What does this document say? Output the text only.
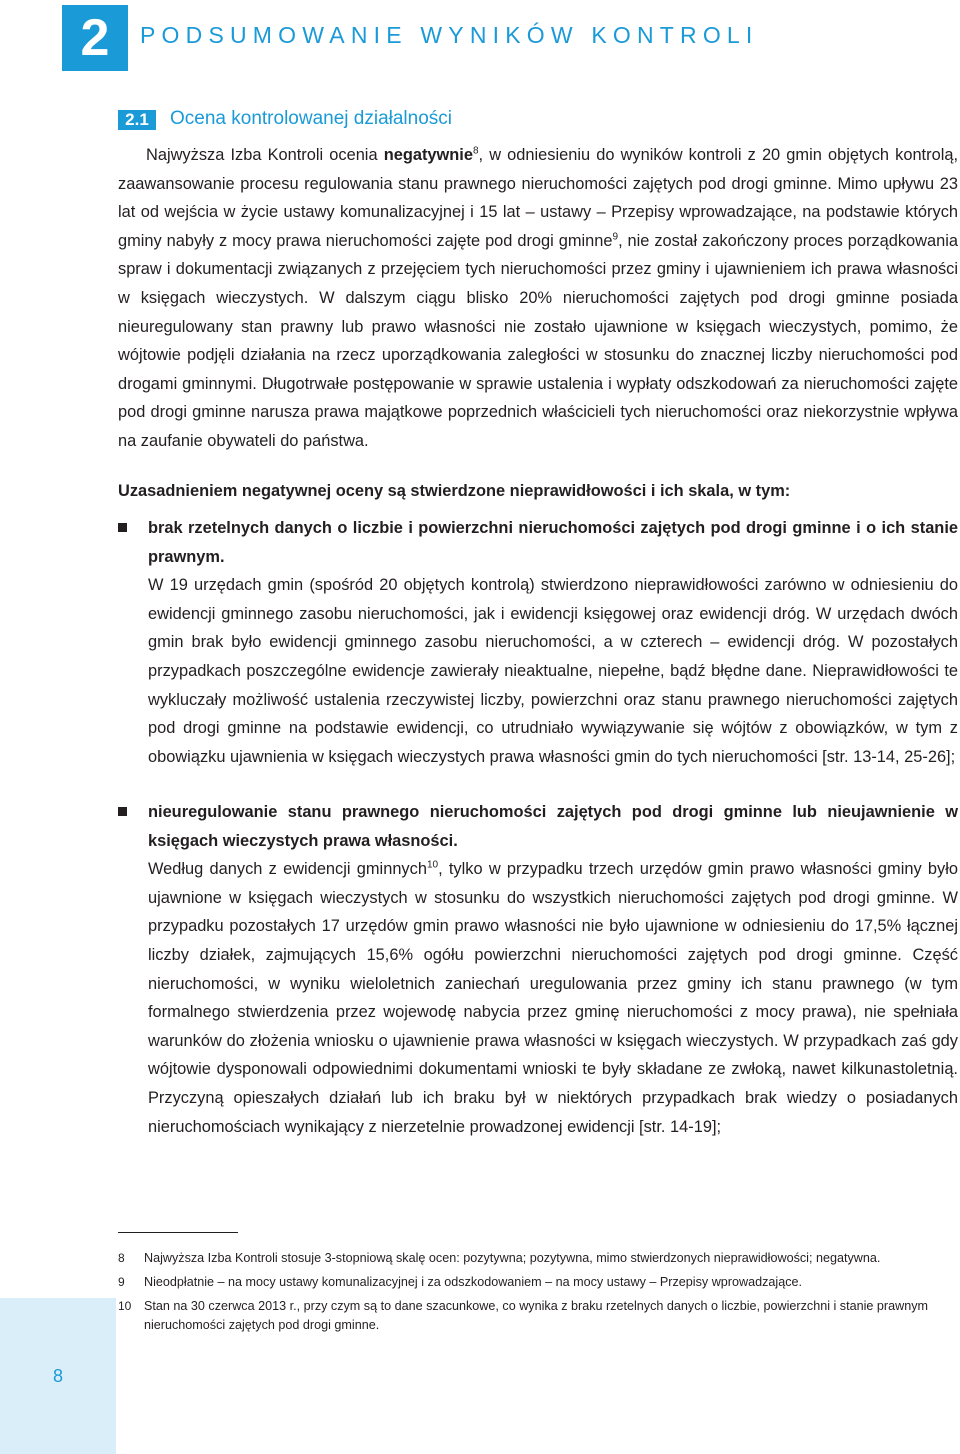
2	PODSUMOWANIE WYNIKÓW KONTROLI
2.1	Ocena kontrolowanej działalności

Najwyższa Izba Kontroli ocenia negatywnie$^8$, w odniesieniu do wyników kontroli z 20 gmin objętych kontrolą, zaawansowanie procesu regulowania stanu prawnego nieruchomości zajętych pod drogi gminne. Mimo upływu 23 lat od wejścia w życie ustawy komunalizacyjnej i 15 lat – ustawy – Przepisy wprowadzające, na podstawie których gminy nabyły z mocy prawa nieruchomości zajęte pod drogi gminne$^9$, nie został zakończony proces porządkowania spraw i dokumentacji związanych z przejęciem tych nieruchomości przez gminy i ujawnieniem ich prawa własności w księgach wieczystych. W dalszym ciągu blisko 20% nieruchomości zajętych pod drogi gminne posiada nieuregulowany stan prawny lub prawo własności nie zostało ujawnione w księgach wieczystych, pomimo, że wójtowie podjęli działania na rzecz uporządkowania zaległości w stosunku do znacznej liczby nieruchomości pod drogami gminnymi. Długotrwałe postępowanie w sprawie ustalenia i wypłaty odszkodowań za nieruchomości zajęte pod drogi gminne narusza prawa majątkowe poprzednich właścicieli tych nieruchomości oraz niekorzystnie wpływa na zaufanie obywateli do państwa.

Uzasadnieniem negatywnej oceny są stwierdzone nieprawidłowości i ich skala, w tym:

brak rzetelnych danych o liczbie i powierzchni nieruchomości zajętych pod drogi gminne i o ich stanie prawnym.

W 19 urzędach gmin (spośród 20 objętych kontrolą) stwierdzono nieprawidłowości zarówno w odniesieniu do ewidencji gminnego zasobu nieruchomości, jak i ewidencji księgowej oraz ewidencji dróg. W urzędach dwóch gmin brak było ewidencji gminnego zasobu nieruchomości, a w czterech – ewidencji dróg. W pozostałych przypadkach poszczególne ewidencje zawierały nieaktualne, niepełne, bądź błędne dane. Nieprawidłowości te wykluczały możliwość ustalenia rzeczywistej liczby, powierzchni oraz stanu prawnego nieruchomości zajętych pod drogi gminne na podstawie ewidencji, co utrudniało wywiązywanie się wójtów z obowiązków, w tym z obowiązku ujawnienia w księgach wieczystych prawa własności gmin do tych nieruchomości [str. 13-14, 25-26];

nieuregulowanie stanu prawnego nieruchomości zajętych pod drogi gminne lub nieujawnienie w księgach wieczystych prawa własności.

Według danych z ewidencji gminnych$^{10}$, tylko w przypadku trzech urzędów gmin prawo własności gminy było ujawnione w księgach wieczystych w stosunku do wszystkich nieruchomości zajętych pod drogi gminne. W przypadku pozostałych 17 urzędów gmin prawo własności nie było ujawnione w odniesieniu do 17,5% łącznej liczby działek, zajmujących 15,6% ogółu powierzchni nieruchomości zajętych pod drogi gminne. Część nieruchomości, w wyniku wieloletnich zaniechań uregulowania przez gminy ich stanu prawnego (w tym formalnego stwierdzenia przez wojewodę nabycia przez gminę nieruchomości z mocy prawa), nie spełniała warunków do złożenia wniosku o ujawnienie prawa własności w księgach wieczystych. W przypadkach zaś gdy wójtowie dysponowali odpowiednimi dokumentami wnioski te były składane ze zwłoką, nawet kilkunastoletnią. Przyczyną opieszałych działań lub ich braku był w niektórych przypadkach brak wiedzy o posiadanych nieruchomościach wynikający z nierzetelnie prowadzonej ewidencji [str. 14-19];

8 Najwyższa Izba Kontroli stosuje 3-stopniową skalę ocen: pozytywna; pozytywna, mimo stwierdzonych nieprawidłowości; negatywna.
9 Nieodpłatnie – na mocy ustawy komunalizacyjnej i za odszkodowaniem – na mocy ustawy – Przepisy wprowadzające.
10 Stan na 30 czerwca 2013 r., przy czym są to dane szacunkowe, co wynika z braku rzetelnych danych o liczbie, powierzchni i stanie prawnym nieruchomości zajętych pod drogi gminne.
8
